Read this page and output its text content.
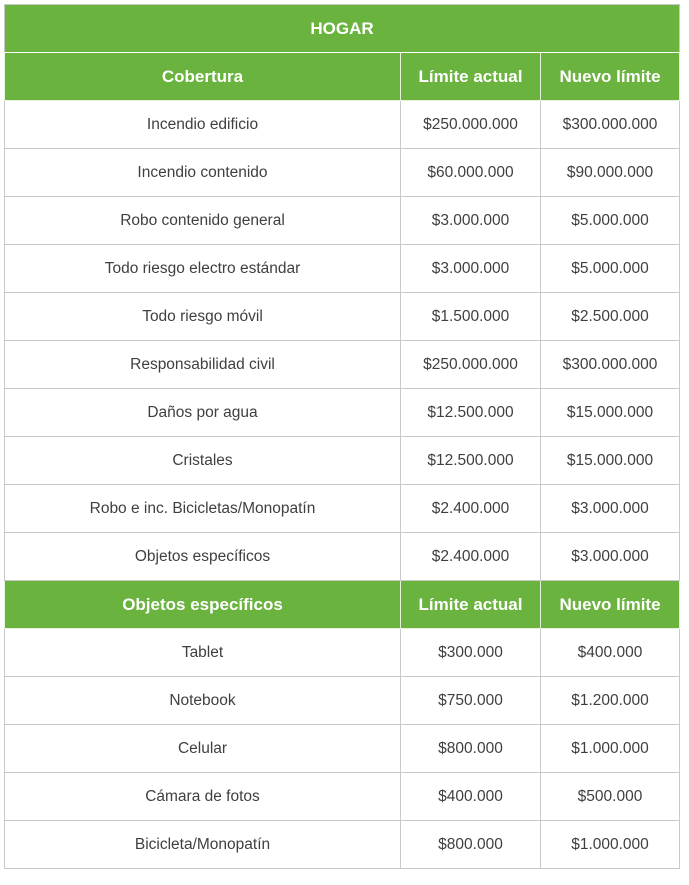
HOGAR		
Cobertura	Límite actual	Nuevo límite
Incendio edificio	$250.000.000	$300.000.000
Incendio contenido	$60.000.000	$90.000.000
Robo contenido general	$3.000.000	$5.000.000
Todo riesgo electro estándar	$3.000.000	$5.000.000
Todo riesgo móvil	$1.500.000	$2.500.000
Responsabilidad civil	$250.000.000	$300.000.000
Daños por agua	$12.500.000	$15.000.000
Cristales	$12.500.000	$15.000.000
Robo e inc. Bicicletas/Monopatín	$2.400.000	$3.000.000
Objetos específicos	$2.400.000	$3.000.000
Objetos específicos	Límite actual	Nuevo límite
Tablet	$300.000	$400.000
Notebook	$750.000	$1.200.000
Celular	$800.000	$1.000.000
Cámara de fotos	$400.000	$500.000
Bicicleta/Monopatín	$800.000	$1.000.000
